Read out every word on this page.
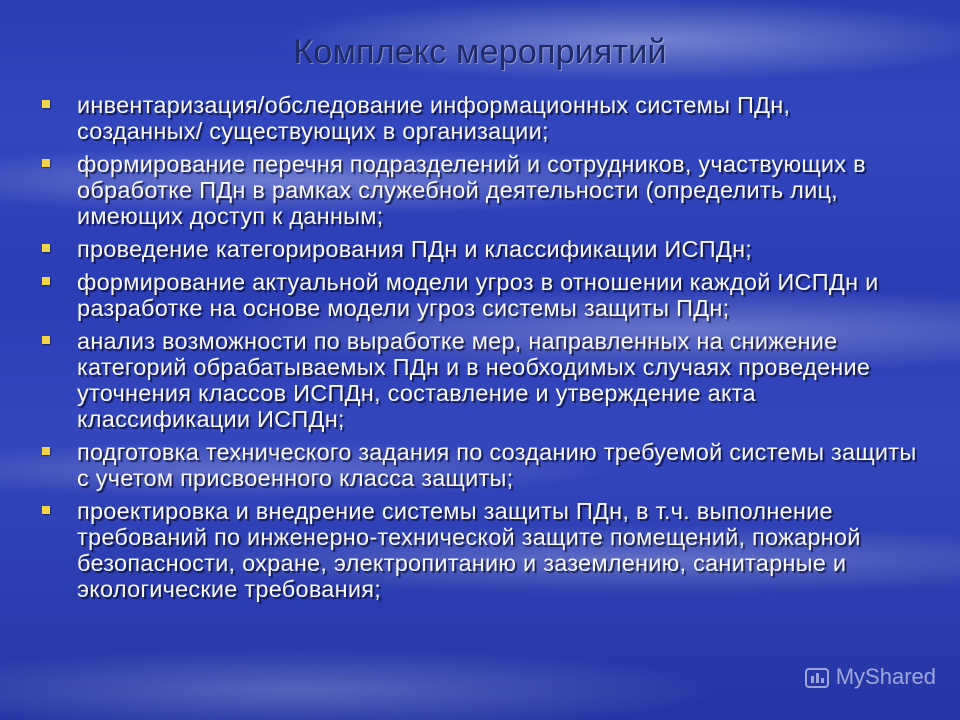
Комплекс мероприятий
инвентаризация/обследование информационных системы ПДн, созданных/ существующих в организации;
формирование перечня подразделений и сотрудников, участвующих в обработке ПДн в рамках служебной деятельности (определить лиц, имеющих доступ к данным;
проведение категорирования ПДн и классификации ИСПДн;
формирование актуальной модели угроз в отношении каждой ИСПДн и разработке на основе модели угроз системы защиты ПДн;
анализ возможности по выработке мер, направленных на снижение категорий обрабатываемых ПДн и в необходимых случаях проведение уточнения классов ИСПДн, составление и утверждение акта классификации ИСПДн;
подготовка технического задания по созданию требуемой системы защиты с учетом присвоенного класса защиты;
проектировка и внедрение системы защиты ПДн, в т.ч. выполнение требований по инженерно-технической защите помещений, пожарной безопасности, охране, электропитанию и заземлению, санитарные и экологические требования;
MyShared
